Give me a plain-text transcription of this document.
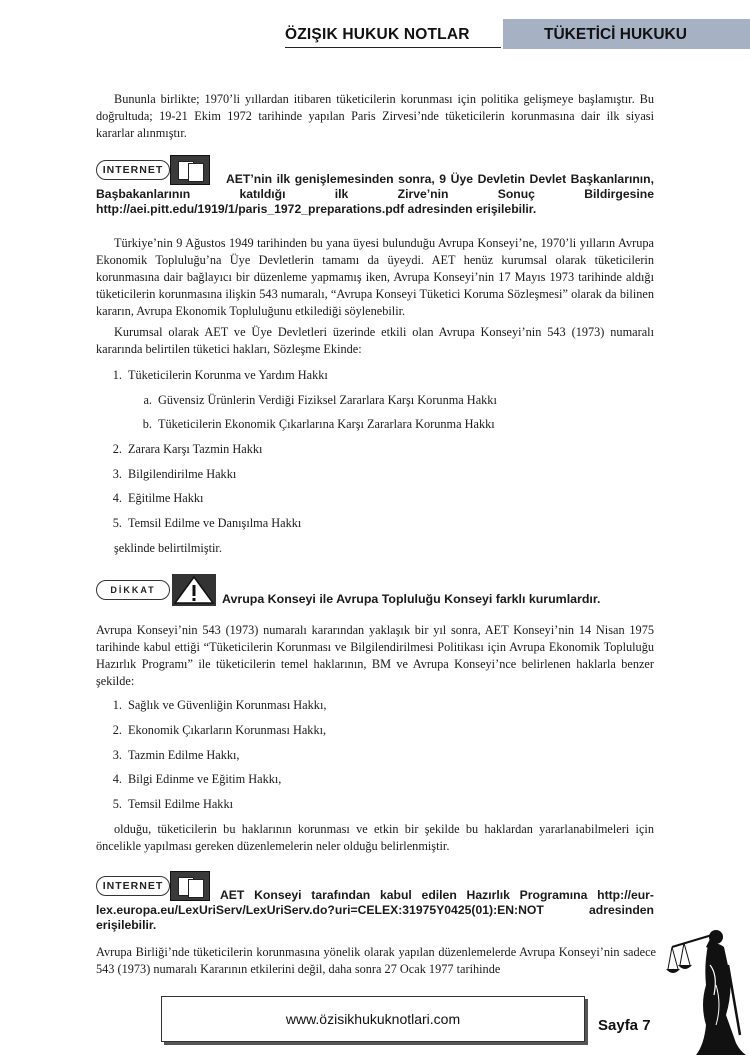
ÖZIŞIK HUKUK NOTLAR	TÜKETİCİ HUKUKU
Bununla birlikte; 1970’li yıllardan itibaren tüketicilerin korunması için politika gelişmeye başlamıştır. Bu doğrultuda; 19-21 Ekim 1972 tarihinde yapılan Paris Zirvesi’nde tüketicilerin korunmasına dair ilk siyasi kararlar alınmıştır.
INTERNET
AET’nin ilk genişlemesinden sonra, 9 Üye Devletin Devlet Başkanlarının, Başbakanlarının katıldığı ilk Zirve’nin Sonuç Bildirgesine http://aei.pitt.edu/1919/1/paris_1972_preparations.pdf adresinden erişilebilir.
Türkiye’nin 9 Ağustos 1949 tarihinden bu yana üyesi bulunduğu Avrupa Konseyi’ne, 1970’li yılların Avrupa Ekonomik Topluluğu’na Üye Devletlerin tamamı da üyeydi. AET henüz kurumsal olarak tüketicilerin korunmasına dair bağlayıcı bir düzenleme yapmamış iken, Avrupa Konseyi’nin 17 Mayıs 1973 tarihinde aldığı tüketicilerin korunmasına ilişkin 543 numaralı, “Avrupa Konseyi Tüketici Koruma Sözleşmesi” olarak da bilinen kararın, Avrupa Ekonomik Topluluğunu etkilediği söylenebilir.
Kurumsal olarak AET ve Üye Devletleri üzerinde etkili olan Avrupa Konseyi’nin 543 (1973) numaralı kararında belirtilen tüketici hakları, Sözleşme Ekinde:
1. Tüketicilerin Korunma ve Yardım Hakkı
a. Güvensiz Ürünlerin Verdiği Fiziksel Zararlara Karşı Korunma Hakkı
b. Tüketicilerin Ekonomik Çıkarlarına Karşı Zararlara Korunma Hakkı
2. Zarara Karşı Tazmin Hakkı
3. Bilgilendirilme Hakkı
4. Eğitilme Hakkı
5. Temsil Edilme ve Danışılma Hakkı
şeklinde belirtilmiştir.
DİKKAT
Avrupa Konseyi ile Avrupa Topluluğu Konseyi farklı kurumlardır.
Avrupa Konseyi’nin 543 (1973) numaralı kararından yaklaşık bir yıl sonra, AET Konseyi’nin 14 Nisan 1975 tarihinde kabul ettiği “Tüketicilerin Korunması ve Bilgilendirilmesi Politikası için Avrupa Ekonomik Topluluğu Hazırlık Programı” ile tüketicilerin temel haklarının, BM ve Avrupa Konseyi’nce belirlenen haklarla benzer şekilde:
1. Sağlık ve Güvenliğin Korunması Hakkı,
2. Ekonomik Çıkarların Korunması Hakkı,
3. Tazmin Edilme Hakkı,
4. Bilgi Edinme ve Eğitim Hakkı,
5. Temsil Edilme Hakkı
olduğu, tüketicilerin bu haklarının korunması ve etkin bir şekilde bu haklardan yararlanabilmeleri için öncelikle yapılması gereken düzenlemelerin neler olduğu belirlenmiştir.
INTERNET
AET Konseyi tarafından kabul edilen Hazırlık Programına http://eur-lex.europa.eu/LexUriServ/LexUriServ.do?uri=CELEX:31975Y0425(01):EN:NOT adresinden erişilebilir.
Avrupa Birliği’nde tüketicilerin korunmasına yönelik olarak yapılan düzenlemelerde Avrupa Konseyi’nin sadece 543 (1973) numaralı Kararının etkilerini değil, daha sonra 27 Ocak 1977 tarihinde
www.özisikhukuknotlari.com	Sayfa 7
